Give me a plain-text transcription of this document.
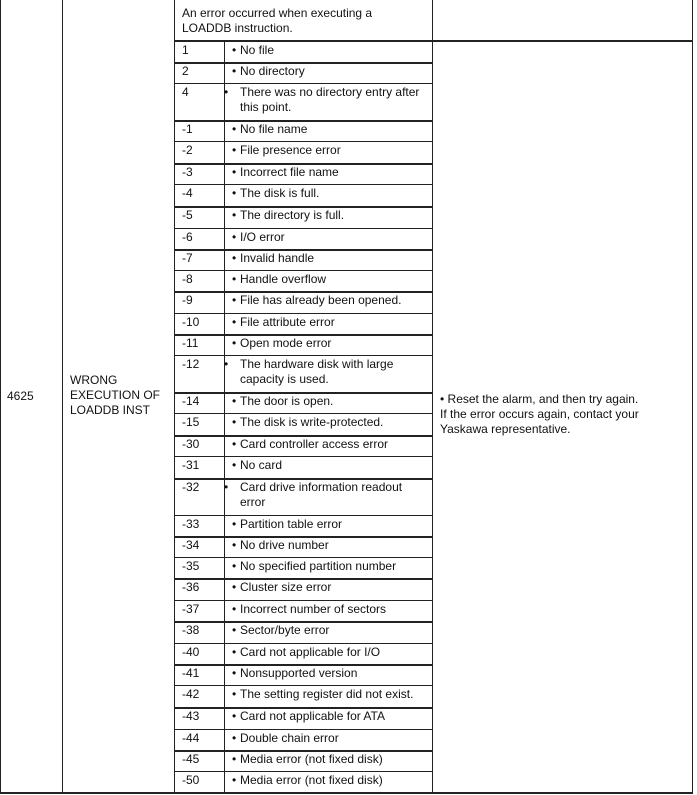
An error occurred when executing a
LOADDB instruction.
4625
WRONG
EXECUTION OF
LOADDB INST
• Reset the alarm, and then try again.
If the error occurs again, contact your
Yaskawa representative.
1	• No file
2	• No directory
4	• There was no directory entry after this point.
-1	• No file name
-2	• File presence error
-3	• Incorrect file name
-4	• The disk is full.
-5	• The directory is full.
-6	• I/O error
-7	• Invalid handle
-8	• Handle overflow
-9	• File has already been opened.
-10	• File attribute error
-11	• Open mode error
-12 • The hardware disk with large capacity is used.
-14	• The door is open.
-15	• The disk is write-protected.
-30	• Card controller access error
-31	• No card
-32 • Card drive information readout error
-33	• Partition table error
-34	• No drive number
-35	• No specified partition number
-36	• Cluster size error
-37	• Incorrect number of sectors
-38	• Sector/byte error
-40	• Card not applicable for I/O
-41	• Nonsupported version
-42	• The setting register did not exist.
-43	• Card not applicable for ATA
-44	• Double chain error
-45	• Media error (not fixed disk)
-50	• Media error (not fixed disk)
